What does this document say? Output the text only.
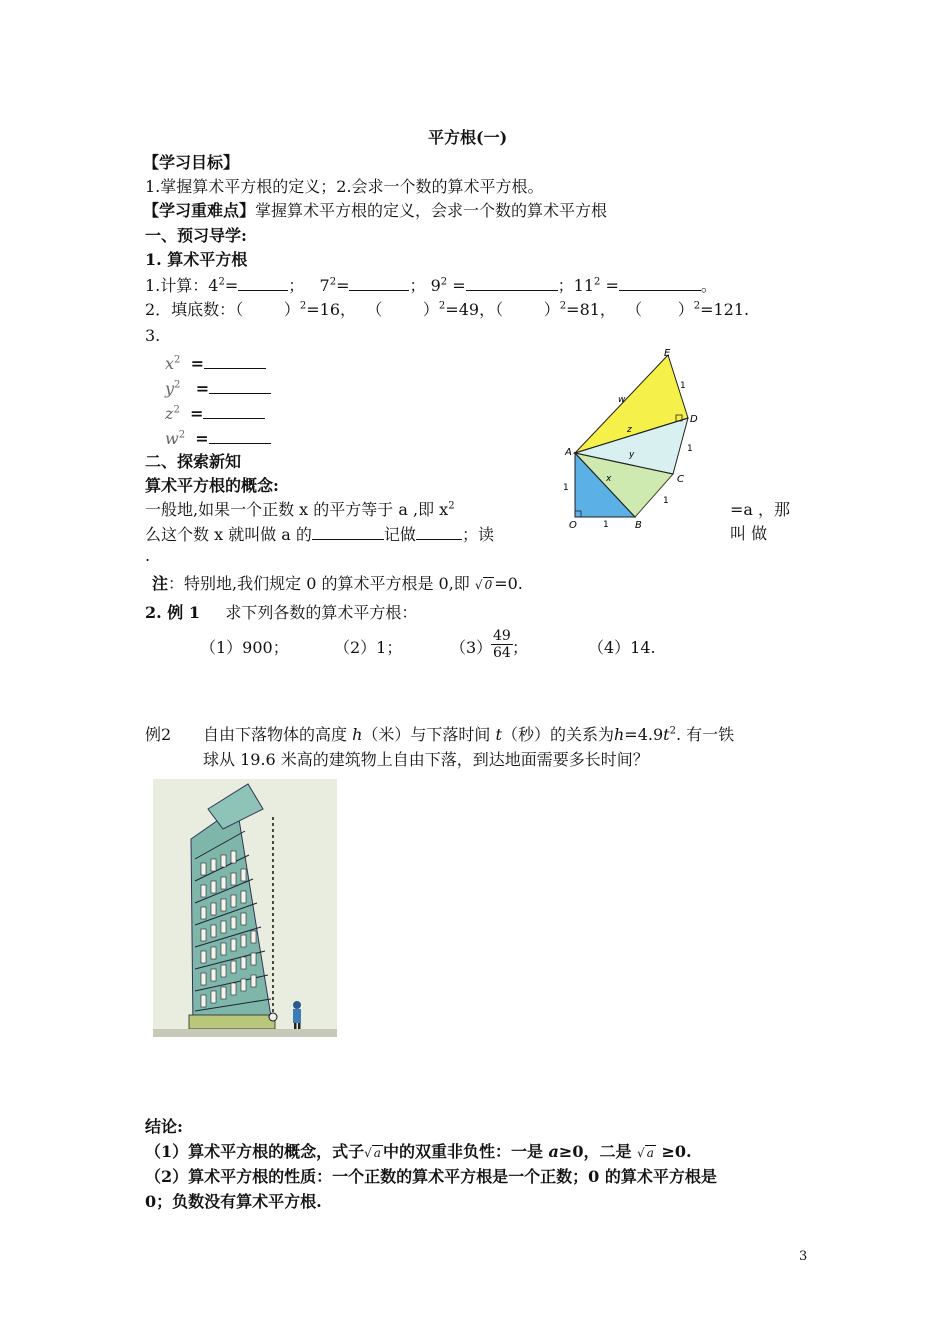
平方根(一)
【学习目标】
1.掌握算术平方根的定义；2.会求一个数的算术平方根。
【学习重难点】掌握算术平方根的定义，会求一个数的算术平方根
一、预习导学:
1. 算术平方根
1.计算：$4^2=$	；   $7^2=$	； $9^2$ =	；$11^2$ =	。
2．填底数：（        ）$^2$=16，  （        ）$^2$=49，（        ）$^2$=81，  （       ）$^2$=121.
3.
$x^2$ =
$y^2$ =
$z^2$ =
$w^2$ =
E
D
A
C
O	B
w
z
y
x
1
1
1
1
1
二、探索新知
算术平方根的概念:
一般地,如果一个正数 x 的平方等于 a ,即 $x^2$	=a ，那
么这个数 x 就叫做 a 的	记做	；读	叫 做
.
注：特别地,我们规定 0 的算术平方根是 0,即 √ 0 =0.
2. 例 1 求下列各数的算术平方根：
（1）900；	（2）1；	（3）
$\frac{49}{64}$ ；	（4）14.
例2 自由下落物体的高度 h（米）与下落时间 t（秒）的关系为$h=4.9t^2$. 有一铁
球从 19.6 米高的建筑物上自由下落，到达地面需要多长时间？
结论:
（1）算术平方根的概念，式子√ a 中的双重非负性：一是 a≥0，二是 √ a ≥0.
（2）算术平方根的性质：一个正数的算术平方根是一个正数；0 的算术平方根是
0；负数没有算术平方根.
3
